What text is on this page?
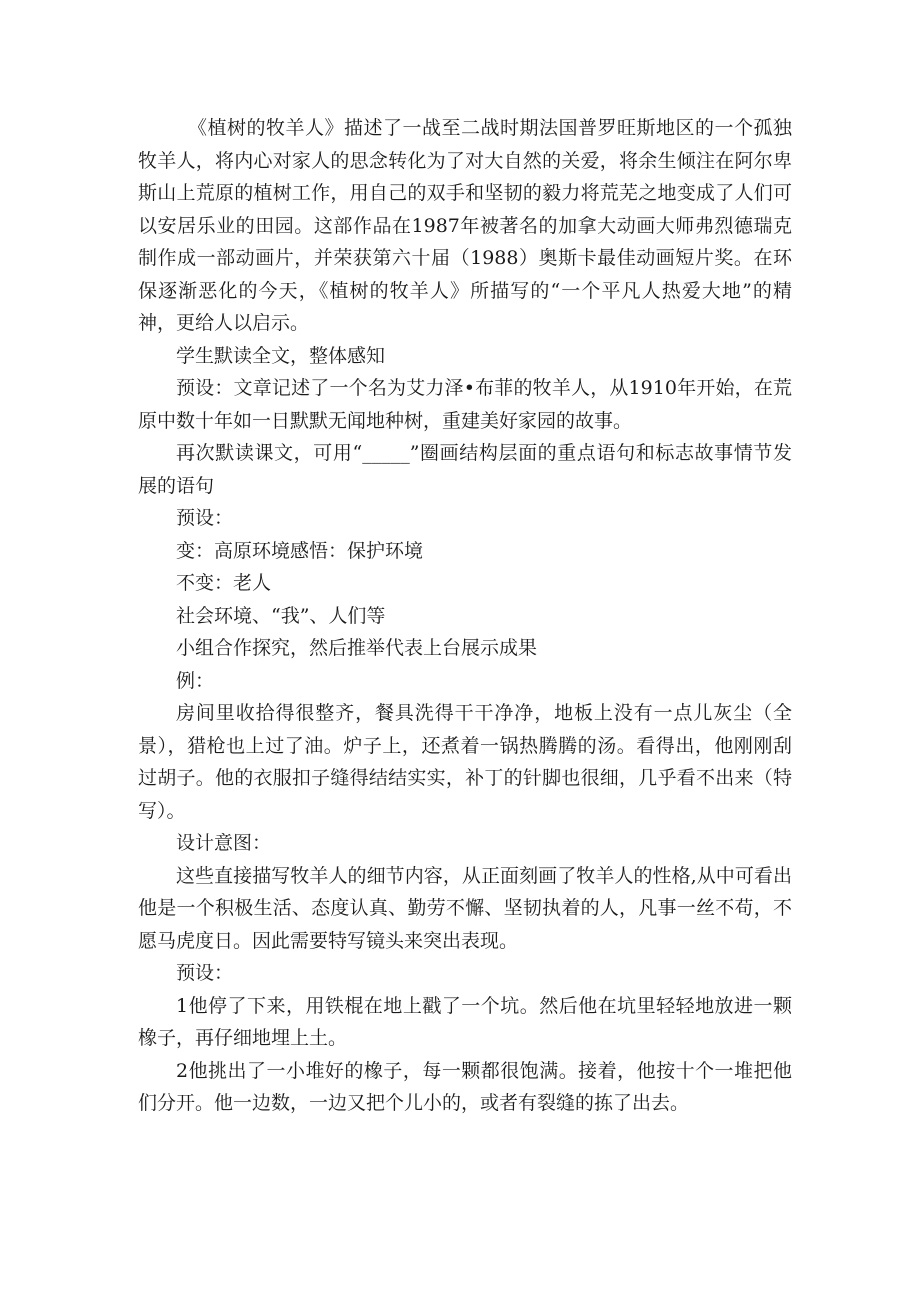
《植树的牧羊人》描述了一战至二战时期法国普罗旺斯地区的一个孤独牧羊人，将内心对家人的思念转化为了对大自然的关爱，将余生倾注在阿尔卑斯山上荒原的植树工作，用自己的双手和坚韧的毅力将荒芜之地变成了人们可以安居乐业的田园。这部作品在1987年被著名的加拿大动画大师弗烈德瑞克制作成一部动画片，并荣获第六十届（1988）奥斯卡最佳动画短片奖。在环保逐渐恶化的今天，《植树的牧羊人》所描写的“一个平凡人热爱大地”的精神，更给人以启示。

学生默读全文，整体感知

预设：文章记述了一个名为艾力泽•布菲的牧羊人，从1910年开始，在荒原中数十年如一日默默无闻地种树，重建美好家园的故事。

再次默读课文，可用“_____”圈画结构层面的重点语句和标志故事情节发展的语句

预设：

变：高原环境感悟：保护环境

不变：老人

社会环境、“我”、人们等

小组合作探究，然后推举代表上台展示成果

例：

房间里收拾得很整齐，餐具洗得干干净净，地板上没有一点儿灰尘（全景），猎枪也上过了油。炉子上，还煮着一锅热腾腾的汤。看得出，他刚刚刮过胡子。他的衣服扣子缝得结结实实，补丁的针脚也很细，几乎看不出来（特写）。

设计意图：

这些直接描写牧羊人的细节内容，从正面刻画了牧羊人的性格,从中可看出他是一个积极生活、态度认真、勤劳不懈、坚韧执着的人，凡事一丝不苟，不愿马虎度日。因此需要特写镜头来突出表现。

预设：

1他停了下来，用铁棍在地上戳了一个坑。然后他在坑里轻轻地放进一颗橡子，再仔细地埋上土。

2他挑出了一小堆好的橡子，每一颗都很饱满。接着，他按十个一堆把他们分开。他一边数，一边又把个儿小的，或者有裂缝的拣了出去。
